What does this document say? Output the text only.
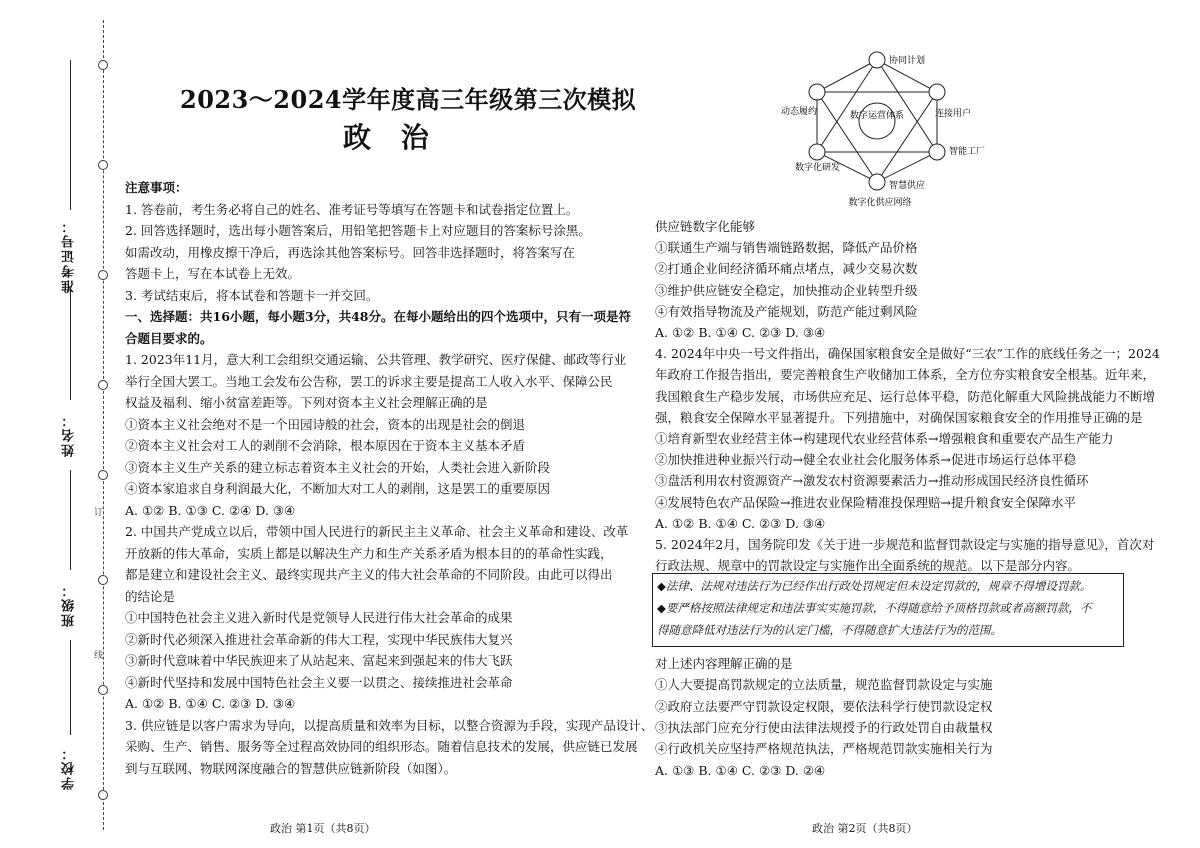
订
线
准考证号：
姓名：
班级：
学校：
2023～2024学年度高三年级第三次模拟
政 治
注意事项：
1. 答卷前，考生务必将自己的姓名、准考证号等填写在答题卡和试卷指定位置上。
2. 回答选择题时，选出每小题答案后，用铅笔把答题卡上对应题目的答案标号涂黑。
如需改动，用橡皮擦干净后，再选涂其他答案标号。回答非选择题时，将答案写在
答题卡上，写在本试卷上无效。
3. 考试结束后，将本试卷和答题卡一并交回。
一、选择题：共16小题，每小题3分，共48分。在每小题给出的四个选项中，只有一项是符
合题目要求的。
1. 2023年11月，意大利工会组织交通运输、公共管理、教学研究、医疗保健、邮政等行业
举行全国大罢工。当地工会发布公告称，罢工的诉求主要是提高工人收入水平、保障公民
权益及福利、缩小贫富差距等。下列对资本主义社会理解正确的是
①资本主义社会绝对不是一个田园诗般的社会，资本的出现是社会的倒退
②资本主义社会对工人的剥削不会消除，根本原因在于资本主义基本矛盾
③资本主义生产关系的建立标志着资本主义社会的开始，人类社会进入新阶段
④资本家追求自身利润最大化，不断加大对工人的剥削，这是罢工的重要原因
A. ①② B. ①③ C. ②④ D. ③④
2. 中国共产党成立以后，带领中国人民进行的新民主主义革命、社会主义革命和建设、改革
开放新的伟大革命，实质上都是以解决生产力和生产关系矛盾为根本目的的革命性实践，
都是建立和建设社会主义、最终实现共产主义的伟大社会革命的不同阶段。由此可以得出
的结论是
①中国特色社会主义进入新时代是党领导人民进行伟大社会革命的成果
②新时代必须深入推进社会革命新的伟大工程，实现中华民族伟大复兴
③新时代意味着中华民族迎来了从站起来、富起来到强起来的伟大飞跃
④新时代坚持和发展中国特色社会主义要一以贯之、接续推进社会革命
A. ①② B. ①④ C. ②③ D. ③④
3. 供应链是以客户需求为导向，以提高质量和效率为目标，以整合资源为手段，实现产品设计、
采购、生产、销售、服务等全过程高效协同的组织形态。随着信息技术的发展，供应链已发展
到与互联网、物联网深度融合的智慧供应链新阶段（如图）。
数字运营体系
协同计划
连接用户
智能工厂
智慧供应
数字化研发
动态履约
数字化供应网络
供应链数字化能够
①联通生产端与销售端链路数据，降低产品价格
②打通企业间经济循环痛点堵点，减少交易次数
③维护供应链安全稳定，加快推动企业转型升级
④有效指导物流及产能规划，防范产能过剩风险
A. ①② B. ①④ C. ②③ D. ③④
4. 2024年中央一号文件指出，确保国家粮食安全是做好“三农”工作的底线任务之一；2024
年政府工作报告指出，要完善粮食生产收储加工体系，全方位夯实粮食安全根基。近年来，
我国粮食生产稳步发展，市场供应充足、运行总体平稳，防范化解重大风险挑战能力不断增
强，粮食安全保障水平显著提升。下列措施中，对确保国家粮食安全的作用推导正确的是
①培育新型农业经营主体→构建现代农业经营体系→增强粮食和重要农产品生产能力
②加快推进种业振兴行动→健全农业社会化服务体系→促进市场运行总体平稳
③盘活利用农村资源资产→激发农村资源要素活力→推动形成国民经济良性循环
④发展特色农产品保险→推进农业保险精准投保理赔→提升粮食安全保障水平
A. ①② B. ①④ C. ②③ D. ③④
5. 2024年2月，国务院印发《关于进一步规范和监督罚款设定与实施的指导意见》，首次对
行政法规、规章中的罚款设定与实施作出全面系统的规范。以下是部分内容。
◆法律、法规对违法行为已经作出行政处罚规定但未设定罚款的，规章不得增设罚款。
◆要严格按照法律规定和违法事实实施罚款，不得随意给予顶格罚款或者高额罚款，不
得随意降低对违法行为的认定门槛，不得随意扩大违法行为的范围。
对上述内容理解正确的是
①人大要提高罚款规定的立法质量，规范监督罚款设定与实施
②政府立法要严守罚款设定权限，要依法科学行使罚款设定权
③执法部门应充分行使由法律法规授予的行政处罚自由裁量权
④行政机关应坚持严格规范执法，严格规范罚款实施相关行为
A. ①③ B. ①④ C. ②③ D. ②④
政治 第1页（共8页）	政治 第2页（共8页）
